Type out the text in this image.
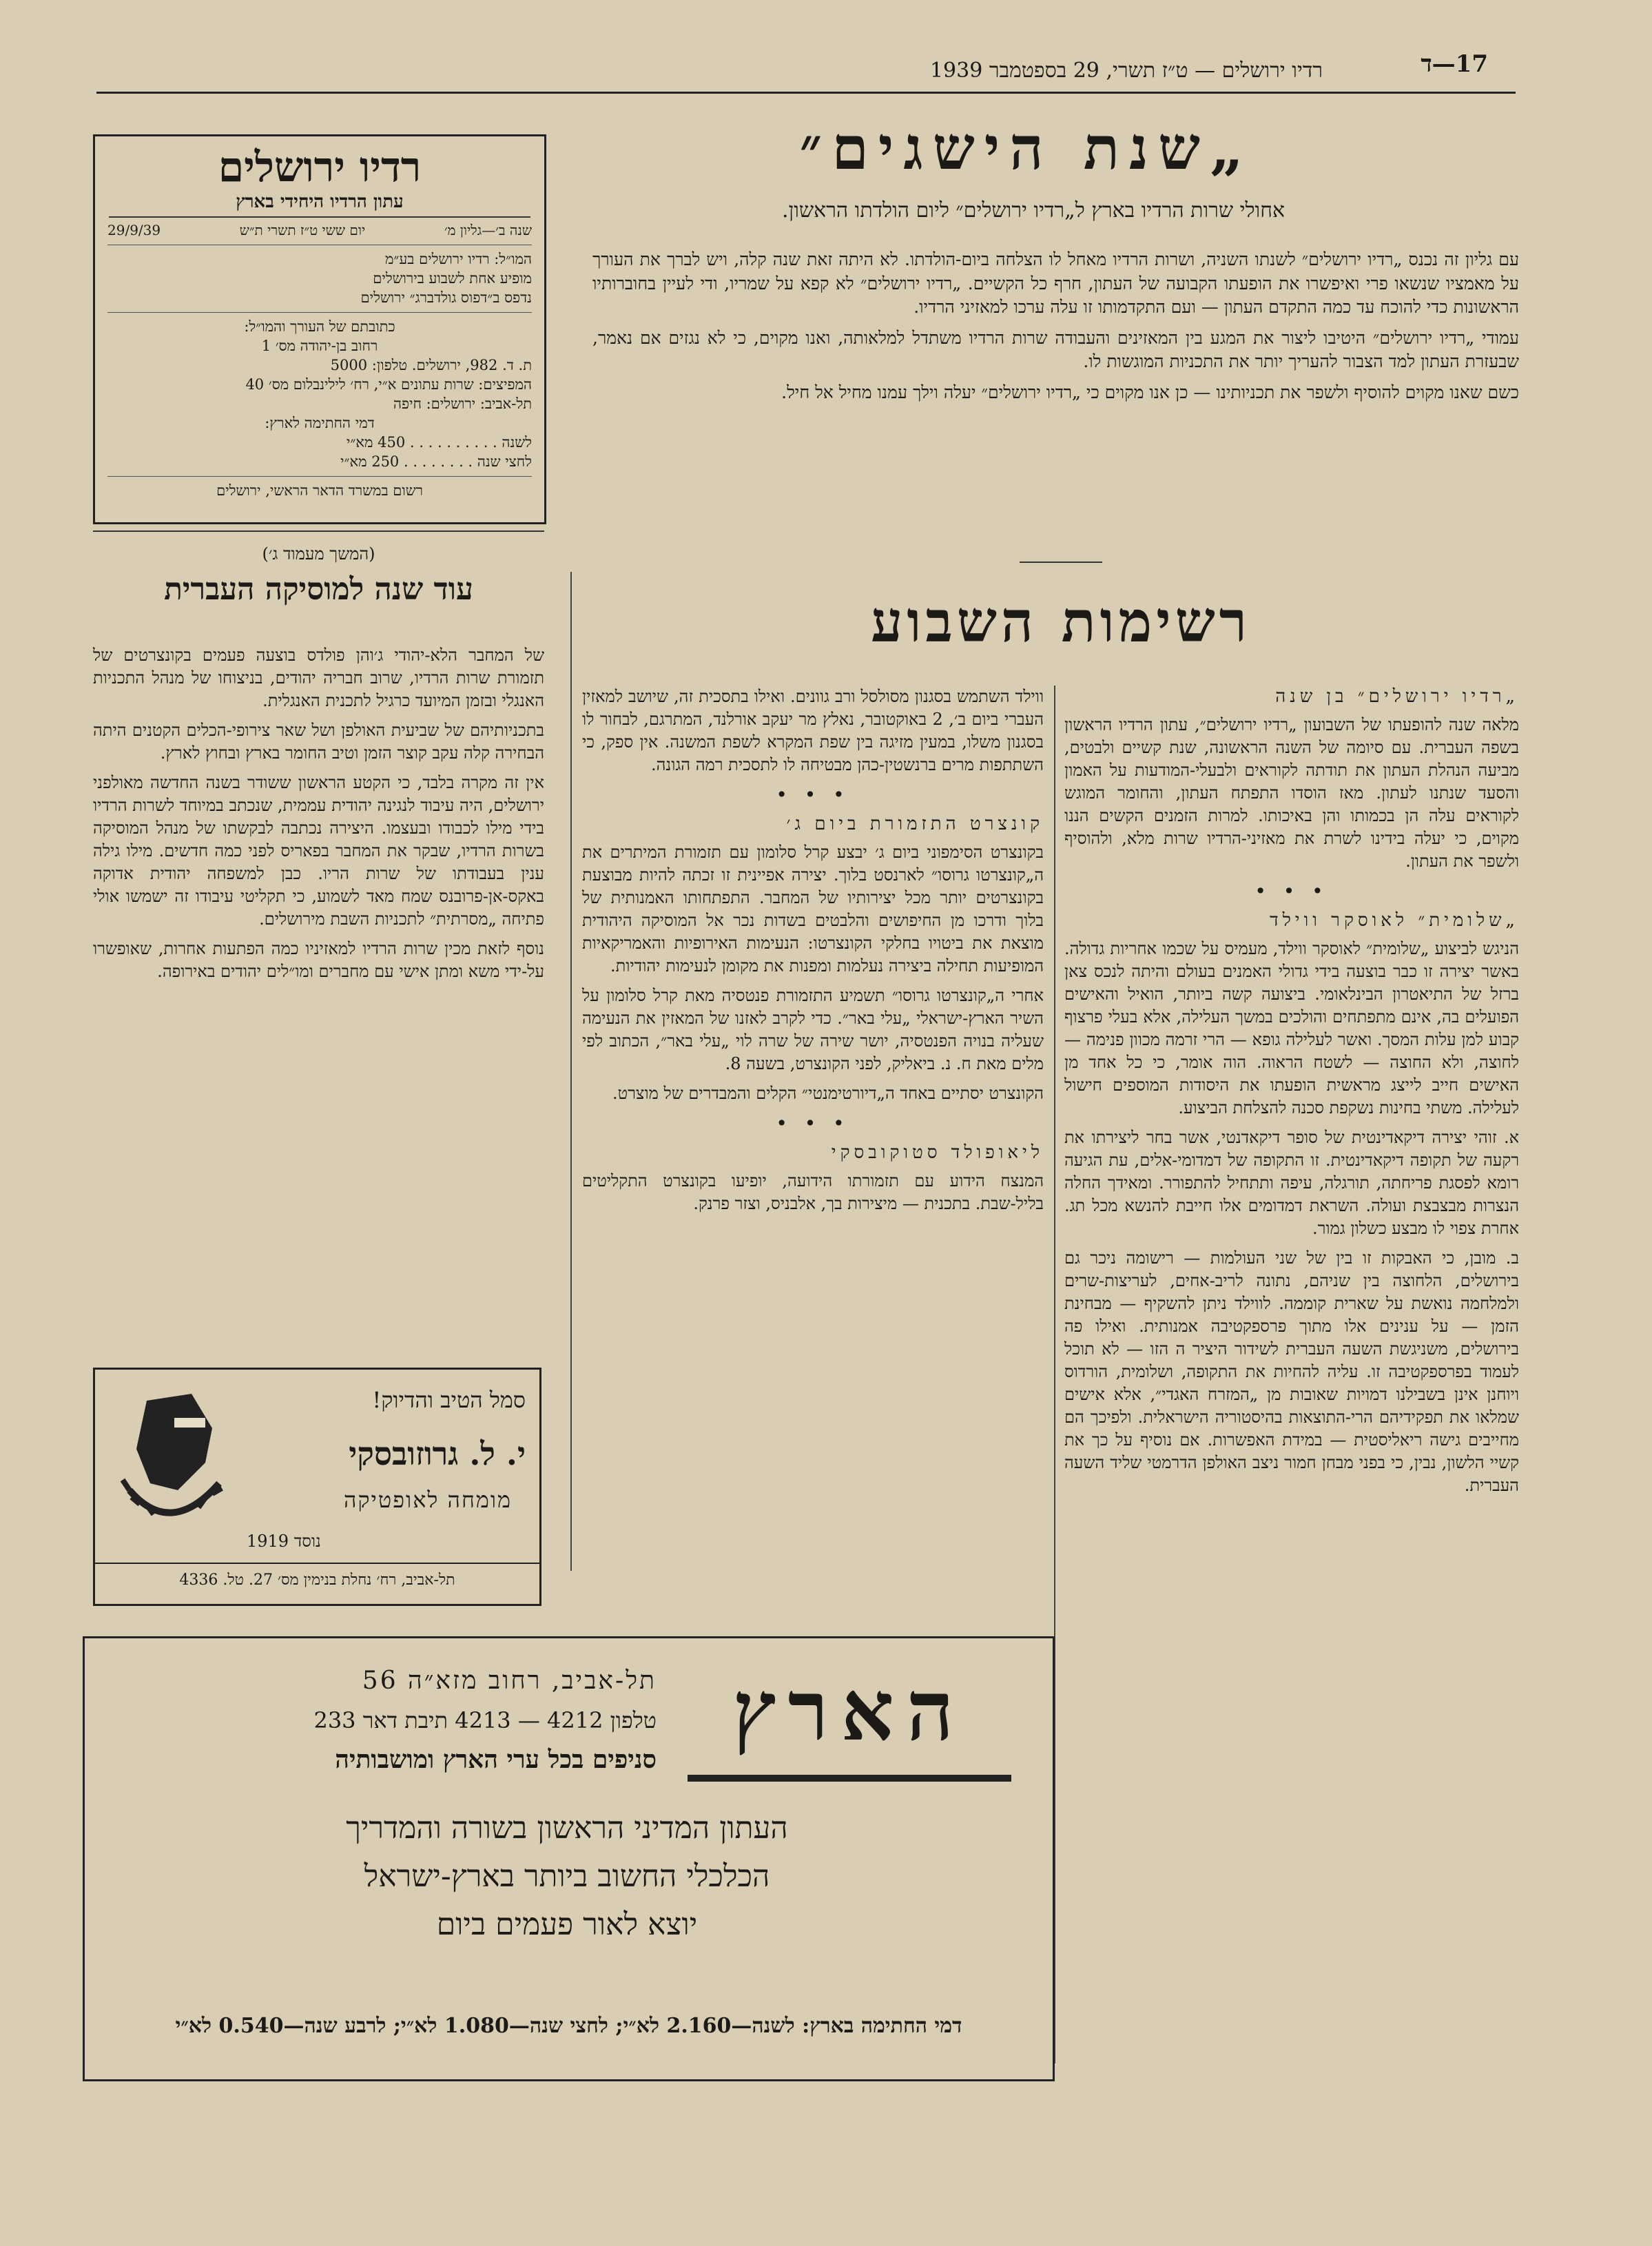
17—ד
רדיו ירושלים — ט״ז תשרי, 29 בספטמבר 1939
רדיו ירושלים
עתון הרדיו היחידי בארץ
שנה ב׳—גליון מ׳
יום ששי ט״ז תשרי ת״ש
29/9/39
המו״ל: רדיו ירושלים בע״מ
מופיע אחת לשבוע בירושלים
נדפס ב״דפוס גולדברג״ ירושלים
כתובתם של העורך והמו״ל:
רחוב בן-יהודה מס׳ 1
ת. ד. 982, ירושלים. טלפון: 5000
המפיצים: שרות עתונים א״י, רח׳ לילינבלום מס׳ 40
תל-אביב: ירושלים: חיפה
דמי החתימה לארץ:
לשנה . . . . . . . . . . 450 מא״י
לחצי שנה . . . . . . . . 250 מא״י
רשום במשרד הדאר הראשי, ירושלים
„שנת הישגים״
אחולי שרות הרדיו בארץ ל„רדיו ירושלים״ ליום הולדתו הראשון.

עם גליון זה נכנס „רדיו ירושלים״ לשנתו השניה, ושרות הרדיו מאחל לו הצלחה ביום-הולדתו. לא היתה זאת שנה קלה, ויש לברך את העורך על מאמציו שנשאו פרי ואיפשרו את הופעתו הקבועה של העתון, חרף כל הקשיים. „רדיו ירושלים״ לא קפא על שמריו, ודי לעיין בחוברותיו הראשונות כדי להוכח עד כמה התקדם העתון — ועם התקדמותו זו עלה ערכו למאזיני הרדיו.

עמודי „רדיו ירושלים״ היטיבו ליצור את המגע בין המאזינים והעבודה שרות הרדיו משתדל למלאותה, ואנו מקוים, כי לא נגזים אם נאמר, שבעזרת העתון למד הצבור להעריך יותר את התכניות המוגשות לו.

כשם שאנו מקוים להוסיף ולשפר את תכניותינו — כן אנו מקוים כי „רדיו ירושלים״ יעלה וילך עמנו מחיל אל חיל.

רשימות השבוע
„רדיו ירושלים״ בן שנה

מלאה שנה להופעתו של השבועון „רדיו ירושלים״, עתון הרדיו הראשון בשפה העברית. עם סיומה של השנה הראשונה, שנת קשיים ולבטים, מביעה הנהלת העתון את תודתה לקוראים ולבעלי-המודעות על האמון והסעד שנתנו לעתון. מאז הוסדו התפתח העתון, והחומר המוגש לקוראים עלה הן בכמותו והן באיכותו. למרות הזמנים הקשים הננו מקוים, כי יעלה בידינו לשרת את מאזיני-הרדיו שרות מלא, ולהוסיף ולשפר את העתון.

• • •
„שלומית״ לאוסקר ווילד

הניגש לביצוע „שלומית״ לאוסקר ווילד, מעמיס על שכמו אחריות גדולה. באשר יצירה זו כבר בוצעה בידי גדולי האמנים בעולם והיתה לנכס צאן ברזל של התיאטרון הבינלאומי. ביצועה קשה ביותר, הואיל והאישים הפועלים בה, אינם מתפתחים והולכים במשך העלילה, אלא בעלי פרצוף קבוע למן עלות המסך. ואשר לעלילה גופא — הרי זרמה מכוון פנימה — לחוצה, ולא החוצה — לשטח הראוה. הוה אומר, כי כל אחד מן האישים חייב לייצג מראשית הופעתו את היסודות המוספים חישול לעלילה. משתי בחינות נשקפת סכנה להצלחת הביצוע.

א. זוהי יצירה דיקאדינטית של סופר דיקאדנטי, אשר בחר ליצירתו את רקעה של תקופה דיקאדינטית. זו התקופה של דמדומי-אלים, עת הגיעה רומא לפסגת פריחתה, תורגלה, עיפה ותתחיל להתפורר. ומאידך החלה הנצרות מבצבצת ועולה. השראת דמדומים אלו חייבת להנשא מכל תג. אחרת צפוי לו מבצע כשלון גמור.

ב. מובן, כי האבקות זו בין של שני העולמות — רישומה ניכר גם בירושלים, הלחוצה בין שניהם, נתונה לריב-אחים, לעריצות-שרים ולמלחמה נואשת על שארית קוממה. לווילד ניתן להשקיף — מבחינת הזמן — על ענינים אלו מתוך פרספקטיבה אמנותית. ואילו פה בירושלים, משניגשת השעה העברית לשידור היציר ה הזו — לא תוכל לעמוד בפרספקטיבה זו. עליה להחיות את התקופה, ושלומית, הורדוס ויוחנן אינן בשבילנו דמויות שאובות מן „המזרח האגדי״, אלא אישים שמלאו את תפקידיהם הרי-התוצאות בהיסטוריה הישראלית. ולפיכך הם מחייבים גישה ריאליסטית — במידת האפשרות. אם נוסיף על כך את קשיי הלשון, נבין, כי בפני מבחן חמור ניצב האולפן הדרמטי שליד השעה העברית.

ווילד השתמש בסגנון מסולסל ורב גוונים. ואילו בתסכית זה, שיושב למאזין העברי ביום ב׳, 2 באוקטובר, נאלץ מר יעקב אורלנד, המתרגם, לבחור לו בסגנון משלו, במעין מזיגה בין שפת המקרא לשפת המשנה. אין ספק, כי השתתפות מרים ברנשטין-כהן מבטיחה לו לתסכית רמה הגונה.

• • •
קונצרט התזמורת ביום ג׳

בקונצרט הסימפוני ביום ג׳ יבצע קרל סלומון עם תזמורת המיתרים את ה„קונצרטו גרוסו״ לארנסט בלוך. יצירה אפיינית זו זכתה להיות מבוצעת בקונצרטים יותר מכל יצירותיו של המחבר. התפתחותו האמנותית של בלוך ודרכו מן החיפושים והלבטים בשדות נכר אל המוסיקה היהודית מוצאת את ביטויו בחלקי הקונצרטו: הנעימות האירופיות והאמריקאיות המופיעות תחילה ביצירה נעלמות ומפנות את מקומן לנעימות יהודיות.

אחרי ה„קונצרטו גרוסו״ תשמיע התזמורת פנטסיה מאת קרל סלומון על השיר הארץ-ישראלי „עלי באר״. כדי לקרב לאזנו של המאזין את הנעימה שעליה בנויה הפנטסיה, יושר שירה של שרה לוי „עלי באר״, הכתוב לפי מלים מאת ח. נ. ביאליק, לפני הקונצרט, בשעה 8.

הקונצרט יסתיים באחד ה„דיורטימנטי״ הקלים והמבדרים של מוצרט.

• • •
ליאופולד סטוקובסקי

המנצח הידוע עם תזמורתו הידועה, יופיעו בקונצרט התקליטים בליל-שבת. בתכנית — מיצירות בך, אלבניס, וצזר פרנק.

(המשך מעמוד ג׳)
עוד שנה למוסיקה העברית

של המחבר הלא-יהודי ג׳והן פולדס בוצעה פעמים בקונצרטים של תזמורת שרות הרדיו, שרוב חבריה יהודים, בניצוחו של מנהל התכניות האנגלי ובזמן המיועד כרגיל לתכנית האנגלית.

בתכניותיהם של שביעית האולפן ושל שאר צירופי-הכלים הקטנים היתה הבחירה קלה עקב קוצר הזמן וטיב החומר בארץ ובחוץ לארץ.

אין זה מקרה בלבד, כי הקטע הראשון ששודר בשנה החדשה מאולפני ירושלים, היה עיבוד לנגינה יהודית עממית, שנכתב במיוחד לשרות הרדיו בידי מילו לכבודו ובעצמו. היצירה נכתבה לבקשתו של מנהל המוסיקה בשרות הרדיו, שבקר את המחבר בפאריס לפני כמה חדשים. מילו גילה ענין בעבודתו של שרות הריו. כבן למשפחה יהודית אדוקה באקס-אן-פרובנס שמח מאד לשמוע, כי תקליטי עיבודו זה ישמשו אולי פתיחה „מסרתית״ לתכניות השבת מירושלים.

נוסף לזאת מכין שרות הרדיו למאזיניו כמה הפתעות אחרות, שאופשרו על-ידי משא ומתן אישי עם מחברים ומו״לים יהודים באירופה.

סמל הטיב והדיוק!
י. ל. גרוזובסקי
מומחה לאופטיקה
נוסד 1919
תל-אביב, רח׳ נחלת בנימין מס׳ 27. טל. 4336
הארץ
תל-אביב, רחוב מזא״ה 56
טלפון 4212 — 4213 תיבת דאר 233
סניפים בכל ערי הארץ ומושבותיה
העתון המדיני הראשון בשורה והמדריך
הכלכלי החשוב ביותר בארץ-ישראל
יוצא לאור פעמים ביום
דמי החתימה בארץ: לשנה—2.160 לא״י; לחצי שנה—1.080 לא״י; לרבע שנה—0.540 לא״י
